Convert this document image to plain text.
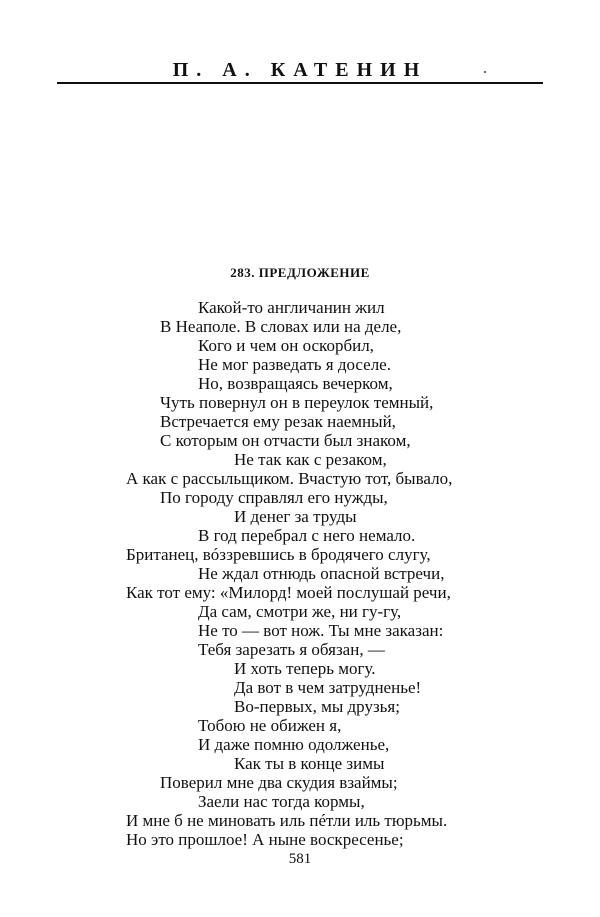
П. А. КАТЕНИН
283. ПРЕДЛОЖЕНИЕ
Какой-то англичанин жил
В Неаполе. В словах или на деле,
Кого и чем он оскорбил,
Не мог разведать я доселе.
Но, возвращаясь вечерком,
Чуть повернул он в переулок темный,
Встречается ему резак наемный,
С которым он отчасти был знаком,
Не так как с резаком,
А как с рассыльщиком. Вчастую тот, бывало,
По городу справлял его нужды,
И денег за труды
В год перебрал с него немало.
Британец, вóззревшись в бродячего слугу,
Не ждал отнюдь опасной встречи,
Как тот ему: «Милорд! моей послушай речи,
Да сам, смотри же, ни гу-гу,
Не то — вот нож. Ты мне заказан:
Тебя зарезать я обязан, —
И хоть теперь могу.
Да вот в чем затрудненье!
Во-первых, мы друзья;
Тобою не обижен я,
И даже помню одолженье,
Как ты в конце зимы
Поверил мне два скудия взаймы;
Заели нас тогда кормы,
И мне б не миновать иль пéтли иль тюрьмы.
Но это прошлое! А ныне воскресенье;
581
